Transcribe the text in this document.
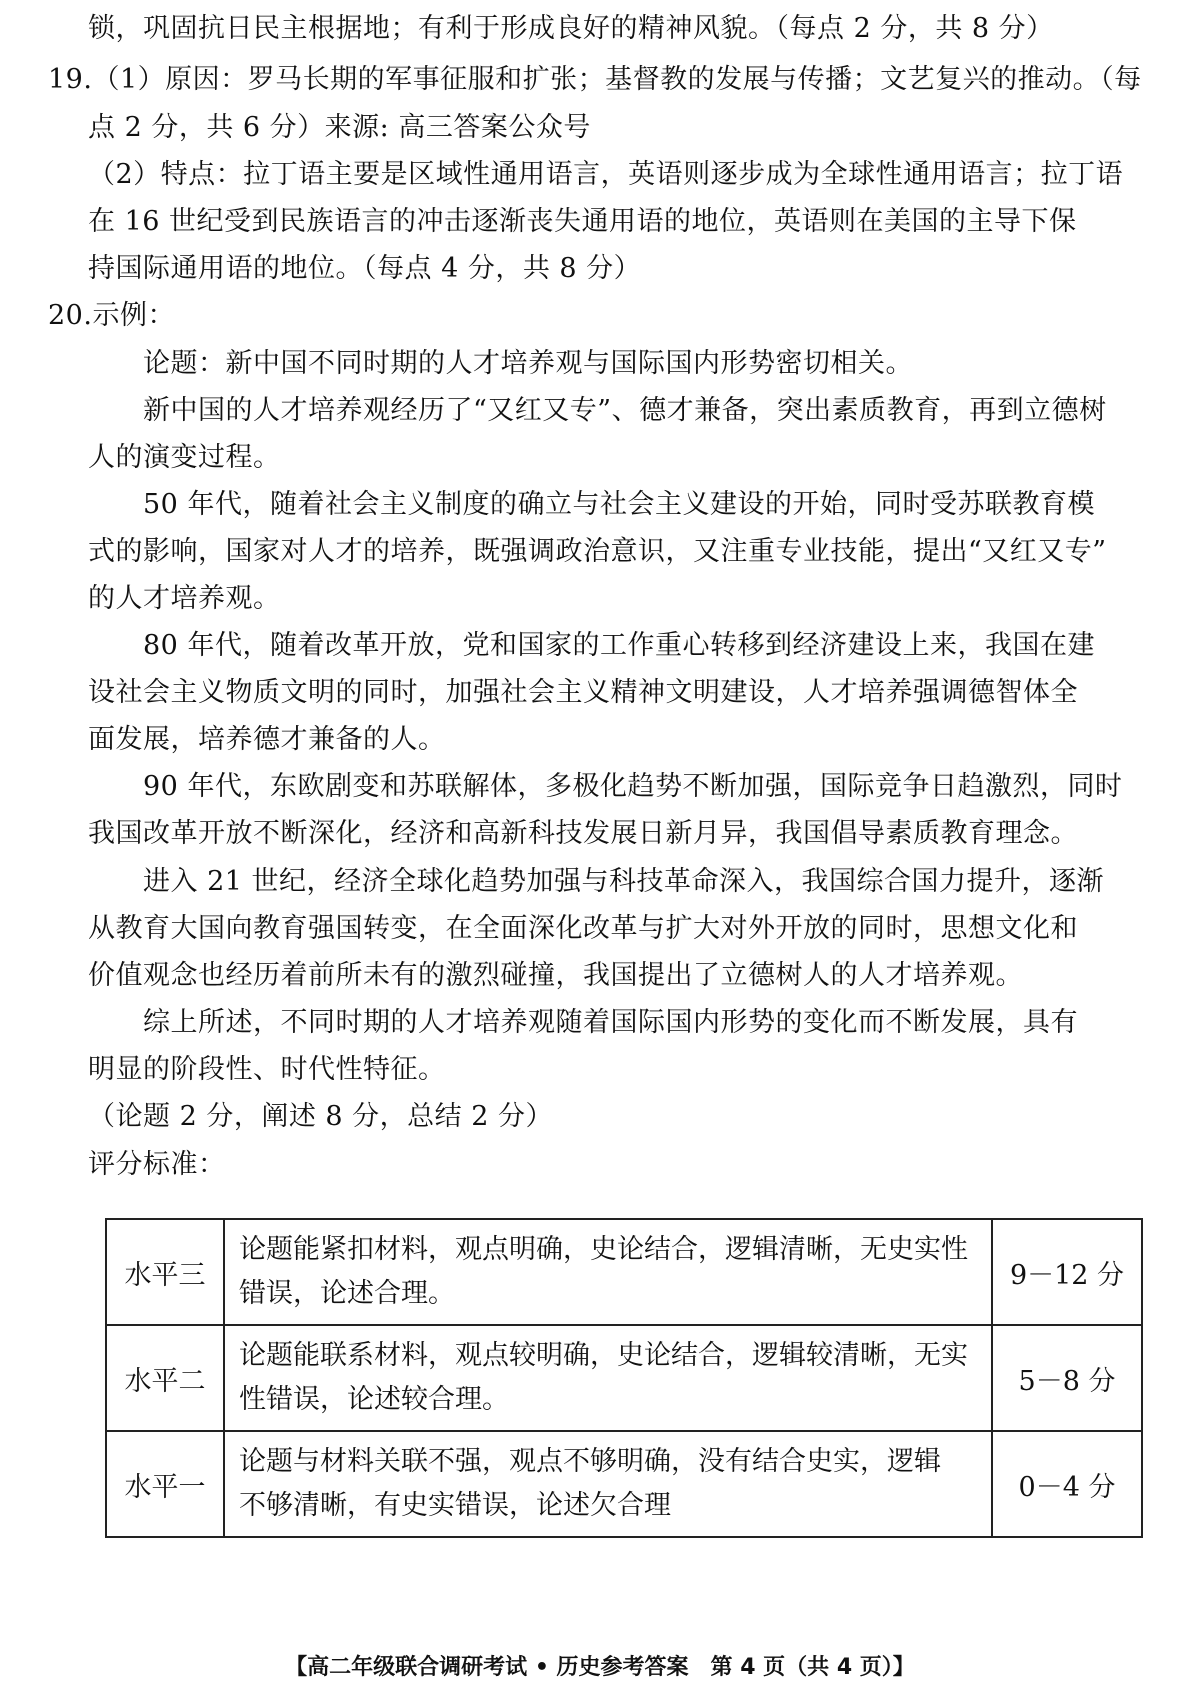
锁，巩固抗日民主根据地；有利于形成良好的精神风貌。（每点 2 分，共 8 分）
19.（1）原因：罗马长期的军事征服和扩张；基督教的发展与传播；文艺复兴的推动。（每
点 2 分，共 6 分）来源: 高三答案公众号
（2）特点：拉丁语主要是区域性通用语言，英语则逐步成为全球性通用语言；拉丁语
在 16 世纪受到民族语言的冲击逐渐丧失通用语的地位，英语则在美国的主导下保
持国际通用语的地位。（每点 4 分，共 8 分）
20.示例：
论题：新中国不同时期的人才培养观与国际国内形势密切相关。
新中国的人才培养观经历了“又红又专”、德才兼备，突出素质教育，再到立德树
人的演变过程。
50 年代，随着社会主义制度的确立与社会主义建设的开始，同时受苏联教育模
式的影响，国家对人才的培养，既强调政治意识，又注重专业技能，提出“又红又专”
的人才培养观。
80 年代，随着改革开放，党和国家的工作重心转移到经济建设上来，我国在建
设社会主义物质文明的同时，加强社会主义精神文明建设，人才培养强调德智体全
面发展，培养德才兼备的人。
90 年代，东欧剧变和苏联解体，多极化趋势不断加强，国际竞争日趋激烈，同时
我国改革开放不断深化，经济和高新科技发展日新月异，我国倡导素质教育理念。
进入 21 世纪，经济全球化趋势加强与科技革命深入，我国综合国力提升，逐渐
从教育大国向教育强国转变，在全面深化改革与扩大对外开放的同时，思想文化和
价值观念也经历着前所未有的激烈碰撞，我国提出了立德树人的人才培养观。
综上所述，不同时期的人才培养观随着国际国内形势的变化而不断发展，具有
明显的阶段性、时代性特征。
（论题 2 分，阐述 8 分，总结 2 分）
评分标准：
水平三	论题能紧扣材料，观点明确，史论结合，逻辑清晰，无史实性
错误，论述合理。	9－12 分
水平二	论题能联系材料，观点较明确，史论结合，逻辑较清晰，无实
性错误，论述较合理。	5－8 分
水平一	论题与材料关联不强，观点不够明确，没有结合史实，逻辑
不够清晰，有史实错误，论述欠合理	0－4 分
【高二年级联合调研考试 • 历史参考答案　第 4 页（共 4 页）】
